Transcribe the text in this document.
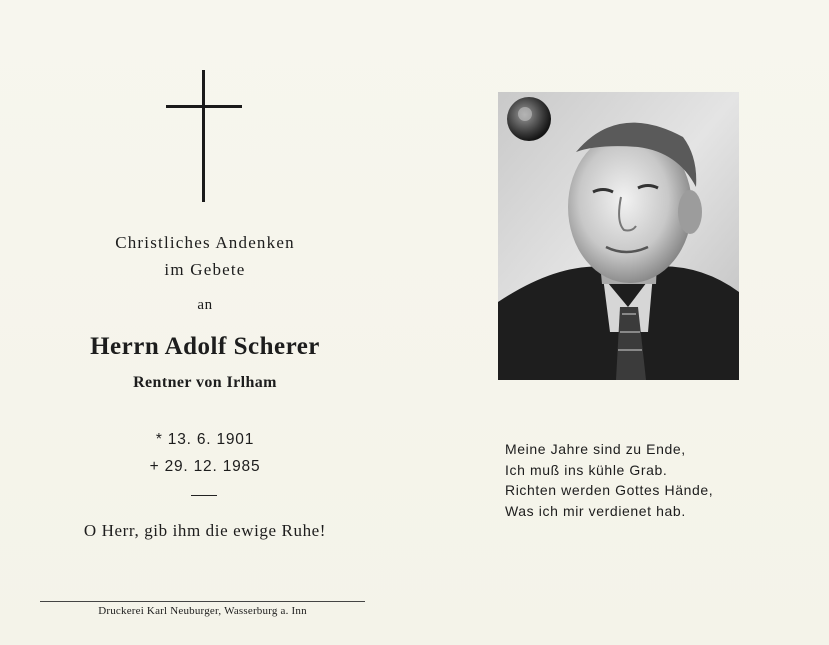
Christliches Andenken
im Gebete
an
Herrn Adolf Scherer
Rentner von Irlham
* 13. 6. 1901
+ 29. 12. 1985
O Herr, gib ihm die ewige Ruhe!
Druckerei Karl Neuburger, Wasserburg a. Inn
Meine Jahre sind zu Ende,
Ich muß ins kühle Grab.
Richten werden Gottes Hände,
Was ich mir verdienet hab.
